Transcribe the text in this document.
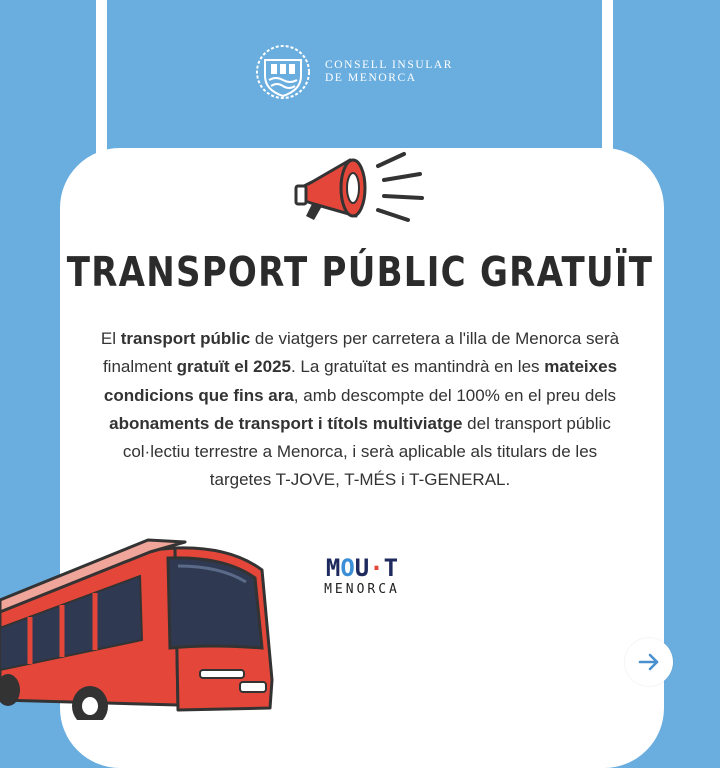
CONSELL INSULAR
DE MENORCA
TRANSPORT PÚBLIC GRATUÏT
El transport públic de viatgers per carretera a l'illa de Menorca serà finalment gratuït el 2025. La gratuïtat es mantindrà en les mateixes condicions que fins ara, amb descompte del 100% en el preu dels abonaments de transport i títols multiviatge del transport públic col·lectiu terrestre a Menorca, i serà aplicable als titulars de les targetes T-JOVE, T-MÉS i T-GENERAL.
M O U · T
MENORCA
